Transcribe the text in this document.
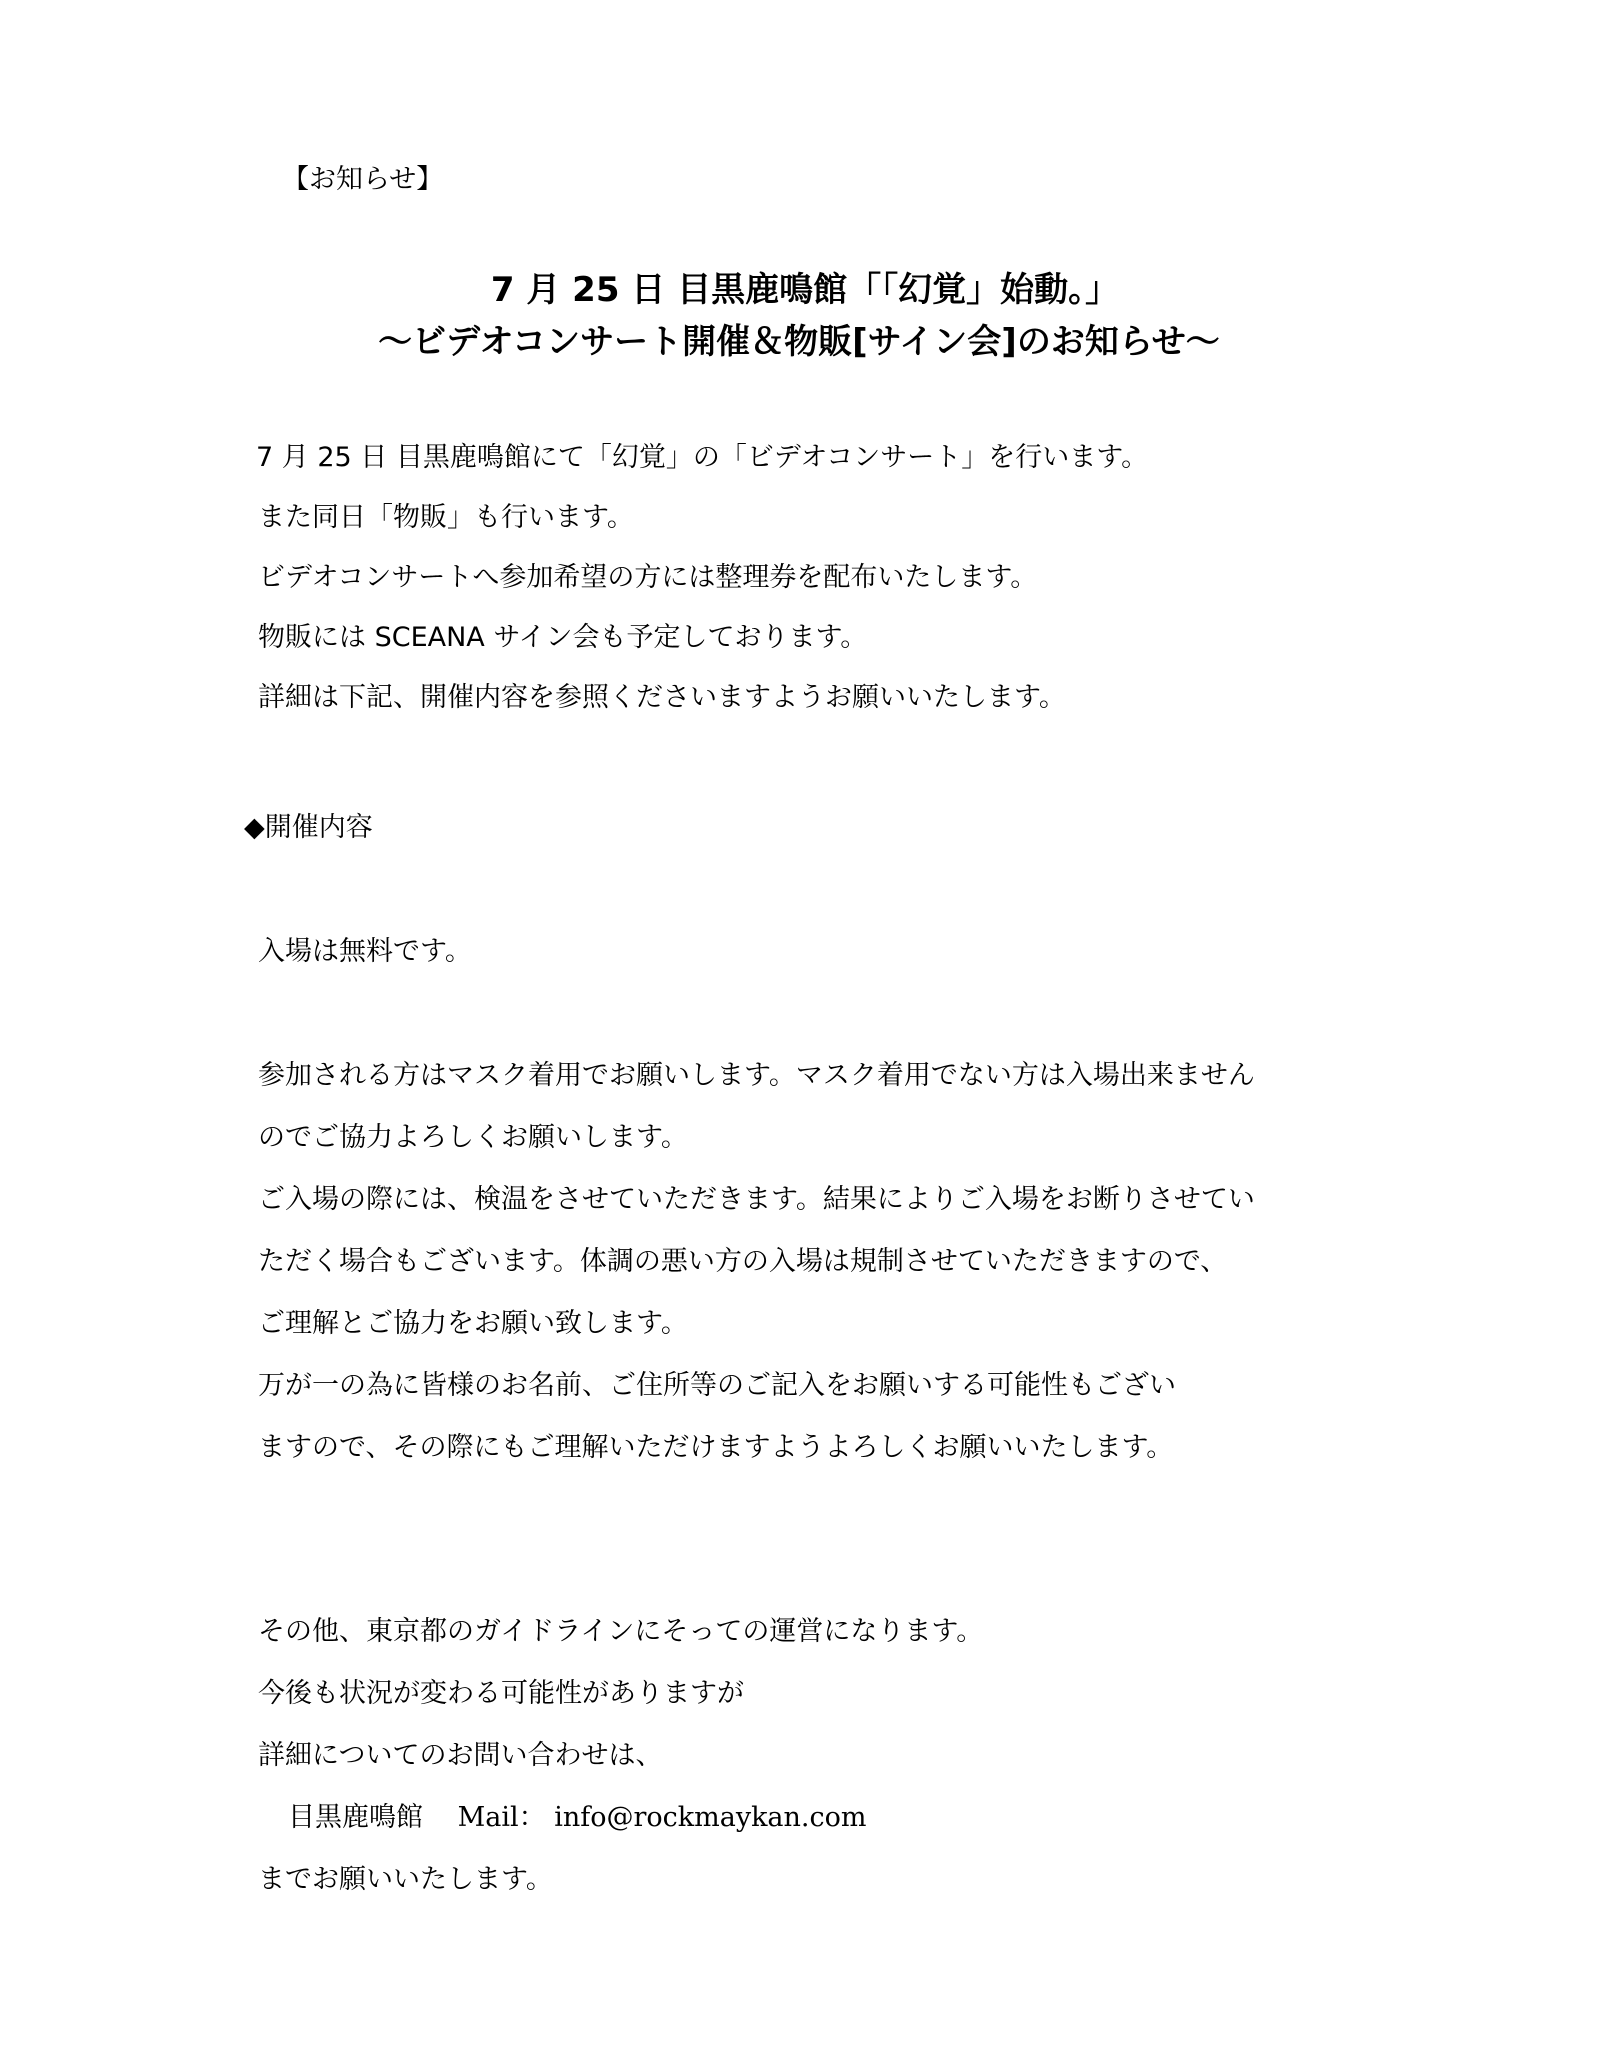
【お知らせ】
7 月 25 日 目黒鹿鳴館「「幻覚」始動。」
～ビデオコンサート開催＆物販[サイン会]のお知らせ～
7 月 25 日 目黒鹿鳴館にて「幻覚」の「ビデオコンサート」を行います。
また同日「物販」も行います。
ビデオコンサートへ参加希望の方には整理券を配布いたします。
物販には SCEANA サイン会も予定しております。
詳細は下記、開催内容を参照くださいますようお願いいたします。
◆開催内容
入場は無料です。
参加される方はマスク着用でお願いします。マスク着用でない方は入場出来ません
のでご協力よろしくお願いします。
ご入場の際には、検温をさせていただきます。結果によりご入場をお断りさせてい
ただく場合もございます。体調の悪い方の入場は規制させていただきますので、
ご理解とご協力をお願い致します。
万が一の為に皆様のお名前、ご住所等のご記入をお願いする可能性もござい
ますので、その際にもご理解いただけますようよろしくお願いいたします。
その他、東京都のガイドラインにそっての運営になります。
今後も状況が変わる可能性がありますが
詳細についてのお問い合わせは、
目黒鹿鳴館 Mail： info@rockmaykan.com
までお願いいたします。
